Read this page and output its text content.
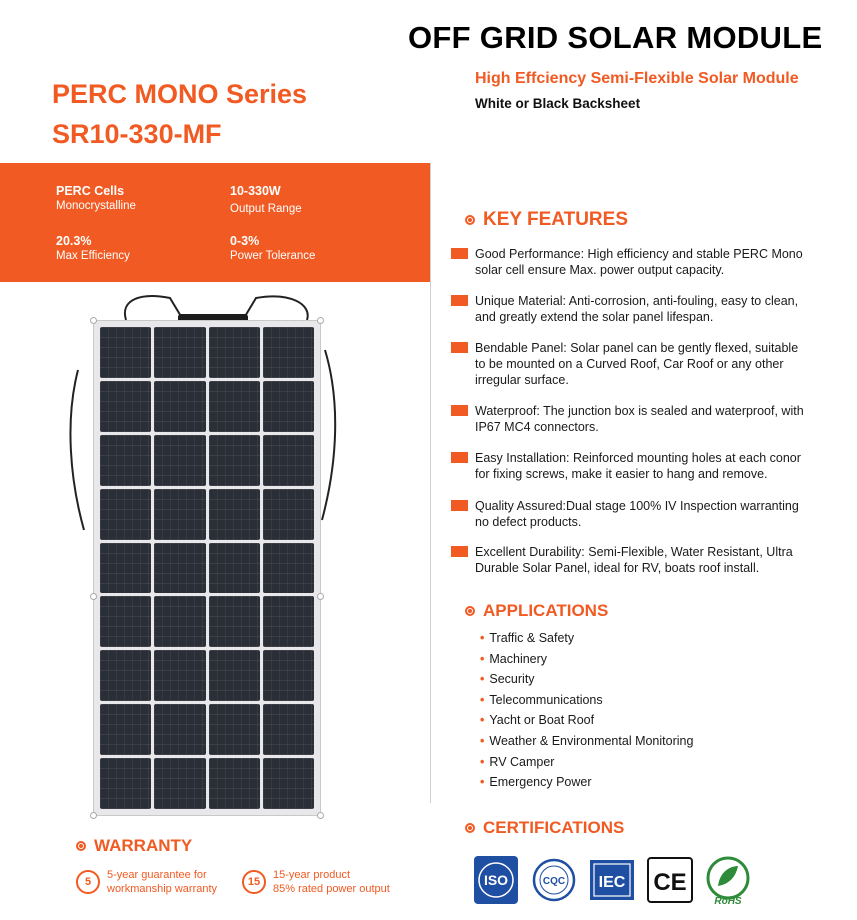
OFF GRID SOLAR MODULE
PERC MONO Series
SR10-330-MF
High Effciency Semi-Flexible Solar Module
White or Black Backsheet
PERC Cells
Monocrystalline
10-330W
Output Range
20.3%
Max Efficiency
0-3%
Power Tolerance
KEY FEATURES
Good Performance: High efficiency and stable PERC Mono
solar cell ensure Max. power output capacity.
Unique Material: Anti-corrosion, anti-fouling, easy to clean,
and greatly extend the solar panel lifespan.
Bendable Panel: Solar panel can be gently flexed, suitable
to be mounted on a Curved Roof, Car Roof or any other
irregular surface.
Waterproof: The junction box is sealed and waterproof, with
IP67 MC4 connectors.
Easy Installation: Reinforced mounting holes at each conor
for fixing screws, make it easier to hang and remove.
Quality Assured:Dual stage 100% IV Inspection warranting
no defect products.
Excellent Durability: Semi-Flexible, Water Resistant, Ultra
Durable Solar Panel, ideal for RV, boats roof install.
APPLICATIONS
• Traffic & Safety
• Machinery
• Security
• Telecommunications
• Yacht or Boat Roof
• Weather & Environmental Monitoring
• RV Camper
• Emergency Power
CERTIFICATIONS
ISO	CQC IEC CE
RoHS
WARRANTY
5
5-year guarantee for
workmanship warranty
15
15-year product
85% rated power output
